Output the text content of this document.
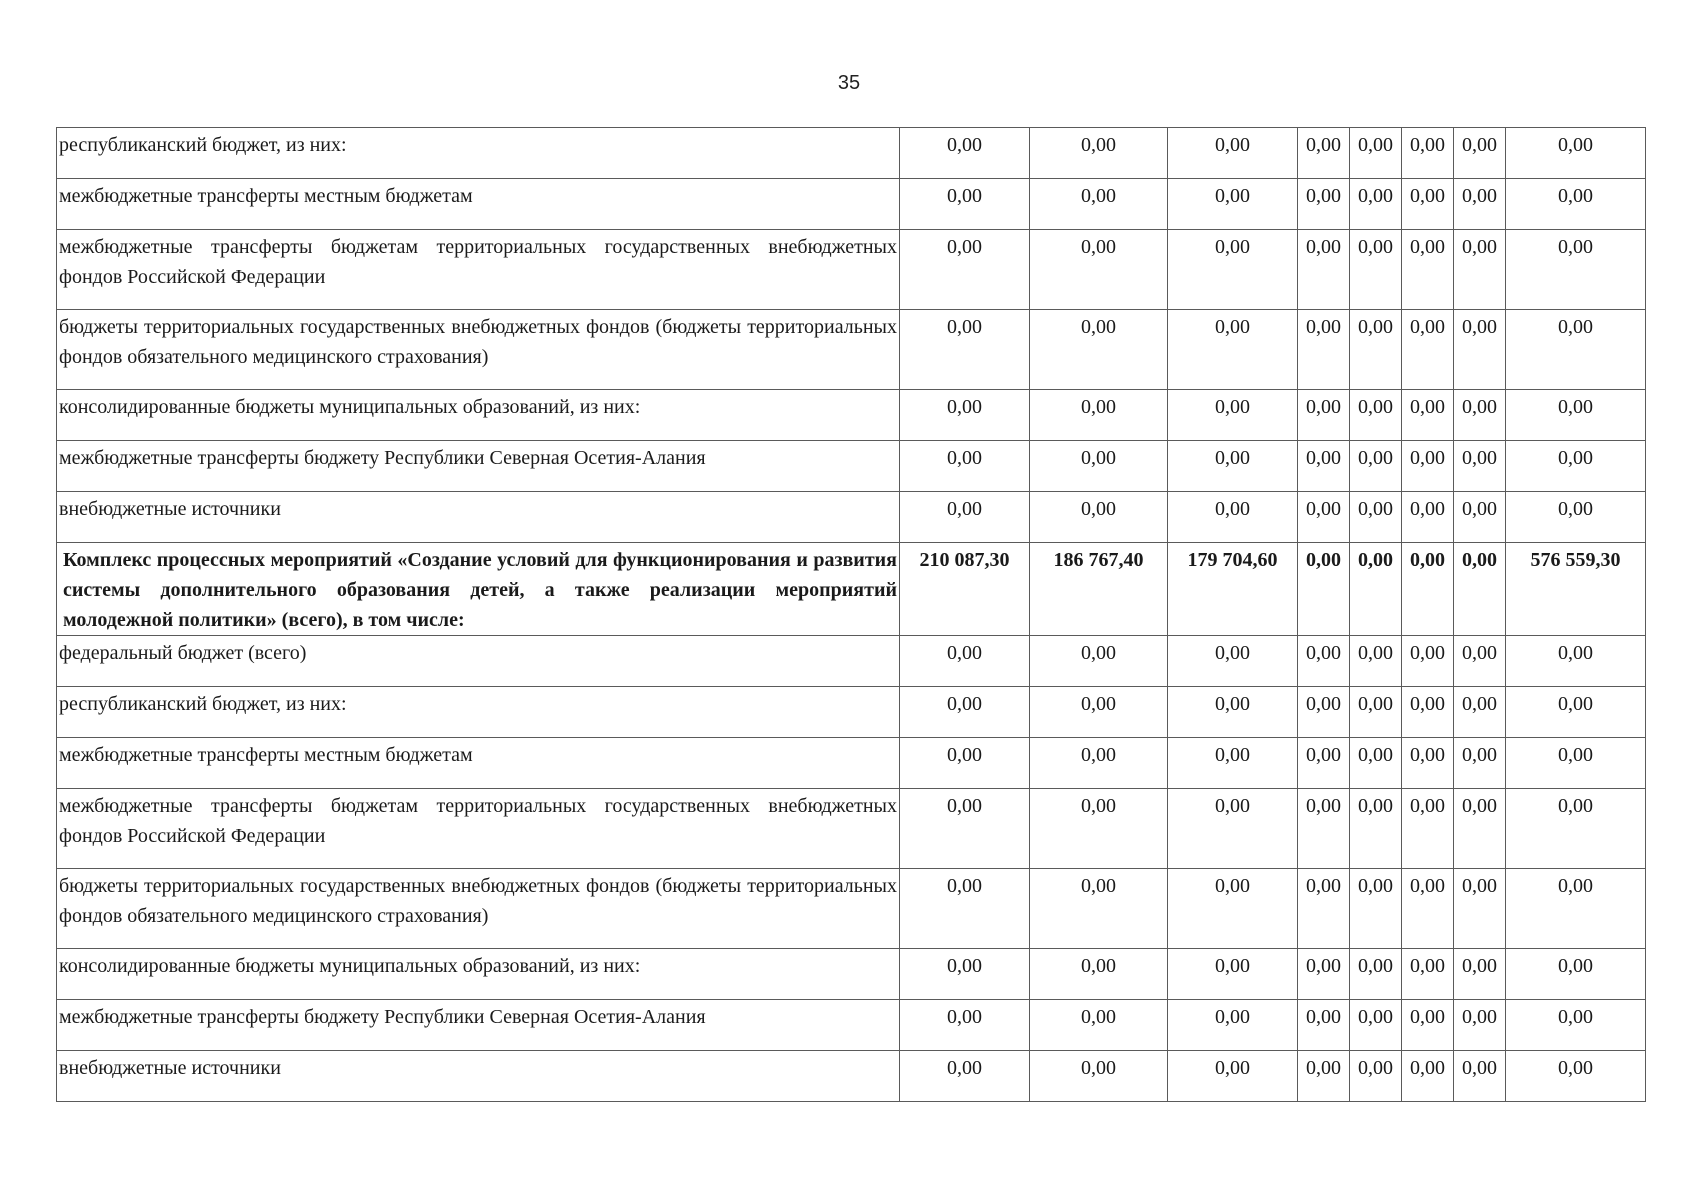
35
республиканский бюджет, из них:	0,00	0,00	0,00	0,00	0,00	0,00	0,00	0,00
межбюджетные трансферты местным бюджетам	0,00	0,00	0,00	0,00	0,00	0,00	0,00	0,00
межбюджетные трансферты бюджетам территориальных государственных внебюджетных фондов Российской Федерации	0,00	0,00	0,00	0,00	0,00	0,00	0,00	0,00
бюджеты территориальных государственных внебюджетных фондов (бюджеты территориальных фондов обязательного медицинского страхования)	0,00	0,00	0,00	0,00	0,00	0,00	0,00	0,00
консолидированные бюджеты муниципальных образований, из них:	0,00	0,00	0,00	0,00	0,00	0,00	0,00	0,00
межбюджетные трансферты бюджету Республики Северная Осетия-Алания	0,00	0,00	0,00	0,00	0,00	0,00	0,00	0,00
внебюджетные источники	0,00	0,00	0,00	0,00	0,00	0,00	0,00	0,00
Комплекс процессных мероприятий «Создание условий для функционирования и развития системы дополнительного образования детей, а также реализации мероприятий молодежной политики» (всего), в том числе:	210 087,30	186 767,40	179 704,60	0,00	0,00	0,00	0,00	576 559,30
федеральный бюджет (всего)	0,00	0,00	0,00	0,00	0,00	0,00	0,00	0,00
республиканский бюджет, из них:	0,00	0,00	0,00	0,00	0,00	0,00	0,00	0,00
межбюджетные трансферты местным бюджетам	0,00	0,00	0,00	0,00	0,00	0,00	0,00	0,00
межбюджетные трансферты бюджетам территориальных государственных внебюджетных фондов Российской Федерации	0,00	0,00	0,00	0,00	0,00	0,00	0,00	0,00
бюджеты территориальных государственных внебюджетных фондов (бюджеты территориальных фондов обязательного медицинского страхования)	0,00	0,00	0,00	0,00	0,00	0,00	0,00	0,00
консолидированные бюджеты муниципальных образований, из них:	0,00	0,00	0,00	0,00	0,00	0,00	0,00	0,00
межбюджетные трансферты бюджету Республики Северная Осетия-Алания	0,00	0,00	0,00	0,00	0,00	0,00	0,00	0,00
внебюджетные источники	0,00	0,00	0,00	0,00	0,00	0,00	0,00	0,00
